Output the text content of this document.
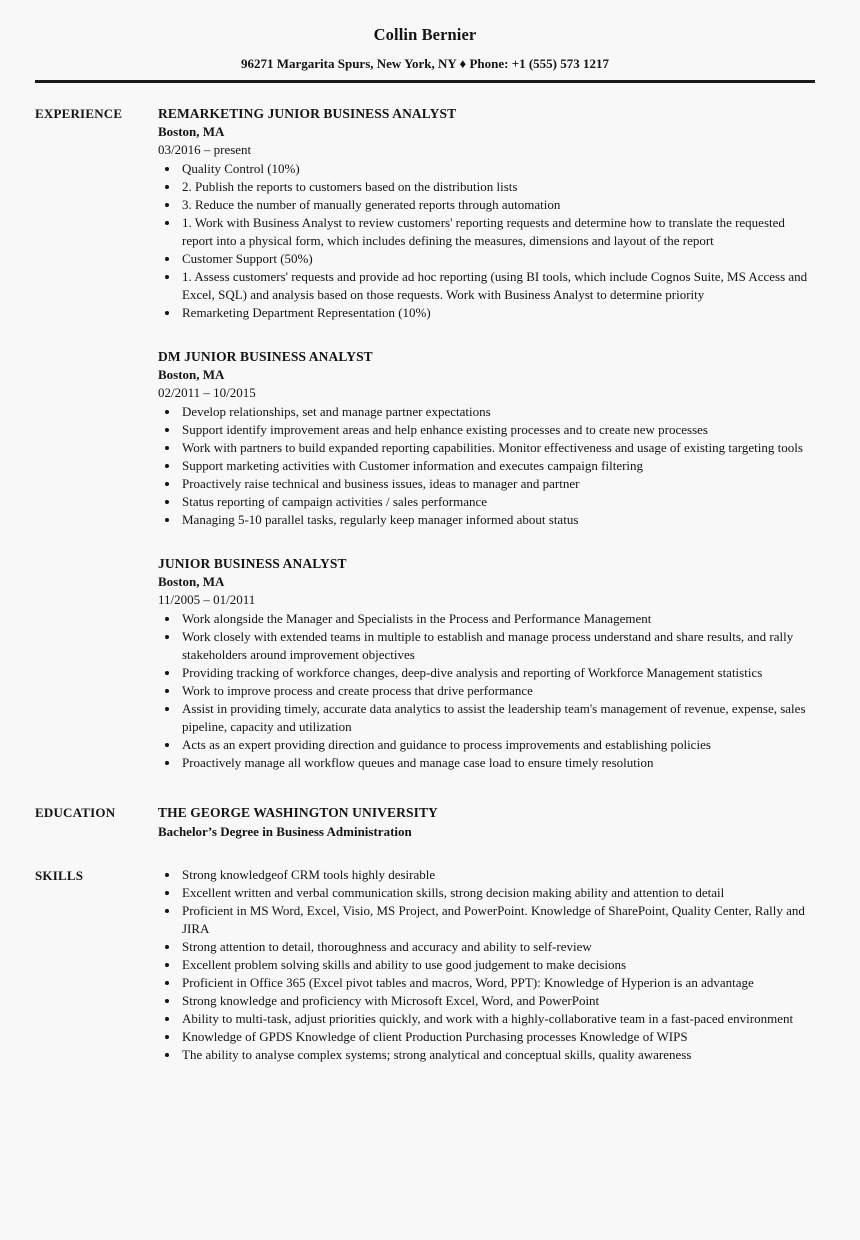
Collin Bernier
96271 Margarita Spurs, New York, NY ♦ Phone: +1 (555) 573 1217
EXPERIENCE	REMARKETING JUNIOR BUSINESS ANALYST
Boston, MA
03/2016 – present
• Quality Control (10%)
• 2. Publish the reports to customers based on the distribution lists
• 3. Reduce the number of manually generated reports through automation
• 1. Work with Business Analyst to review customers' reporting requests and determine how to translate the requested report into a physical form, which includes defining the measures, dimensions and layout of the report
• Customer Support (50%)
• 1. Assess customers' requests and provide ad hoc reporting (using BI tools, which include Cognos Suite, MS Access and Excel, SQL) and analysis based on those requests. Work with Business Analyst to determine priority
• Remarketing Department Representation (10%)
DM JUNIOR BUSINESS ANALYST
Boston, MA
02/2011 – 10/2015
• Develop relationships, set and manage partner expectations
• Support identify improvement areas and help enhance existing processes and to create new processes
• Work with partners to build expanded reporting capabilities. Monitor effectiveness and usage of existing targeting tools
• Support marketing activities with Customer information and executes campaign filtering
• Proactively raise technical and business issues, ideas to manager and partner
• Status reporting of campaign activities / sales performance
• Managing 5-10 parallel tasks, regularly keep manager informed about status
JUNIOR BUSINESS ANALYST
Boston, MA
11/2005 – 01/2011
• Work alongside the Manager and Specialists in the Process and Performance Management
• Work closely with extended teams in multiple to establish and manage process understand and share results, and rally stakeholders around improvement objectives
• Providing tracking of workforce changes, deep-dive analysis and reporting of Workforce Management statistics
• Work to improve process and create process that drive performance
• Assist in providing timely, accurate data analytics to assist the leadership team's management of revenue, expense, sales pipeline, capacity and utilization
• Acts as an expert providing direction and guidance to process improvements and establishing policies
• Proactively manage all workflow queues and manage case load to ensure timely resolution
EDUCATION	THE GEORGE WASHINGTON UNIVERSITY
Bachelor’s Degree in Business Administration
SKILLS	• Strong knowledgeof CRM tools highly desirable
• Excellent written and verbal communication skills, strong decision making ability and attention to detail
• Proficient in MS Word, Excel, Visio, MS Project, and PowerPoint. Knowledge of SharePoint, Quality Center, Rally and JIRA
• Strong attention to detail, thoroughness and accuracy and ability to self-review
• Excellent problem solving skills and ability to use good judgement to make decisions
• Proficient in Office 365 (Excel pivot tables and macros, Word, PPT): Knowledge of Hyperion is an advantage
• Strong knowledge and proficiency with Microsoft Excel, Word, and PowerPoint
• Ability to multi-task, adjust priorities quickly, and work with a highly-collaborative team in a fast-paced environment
• Knowledge of GPDS Knowledge of client Production Purchasing processes Knowledge of WIPS
• The ability to analyse complex systems; strong analytical and conceptual skills, quality awareness
